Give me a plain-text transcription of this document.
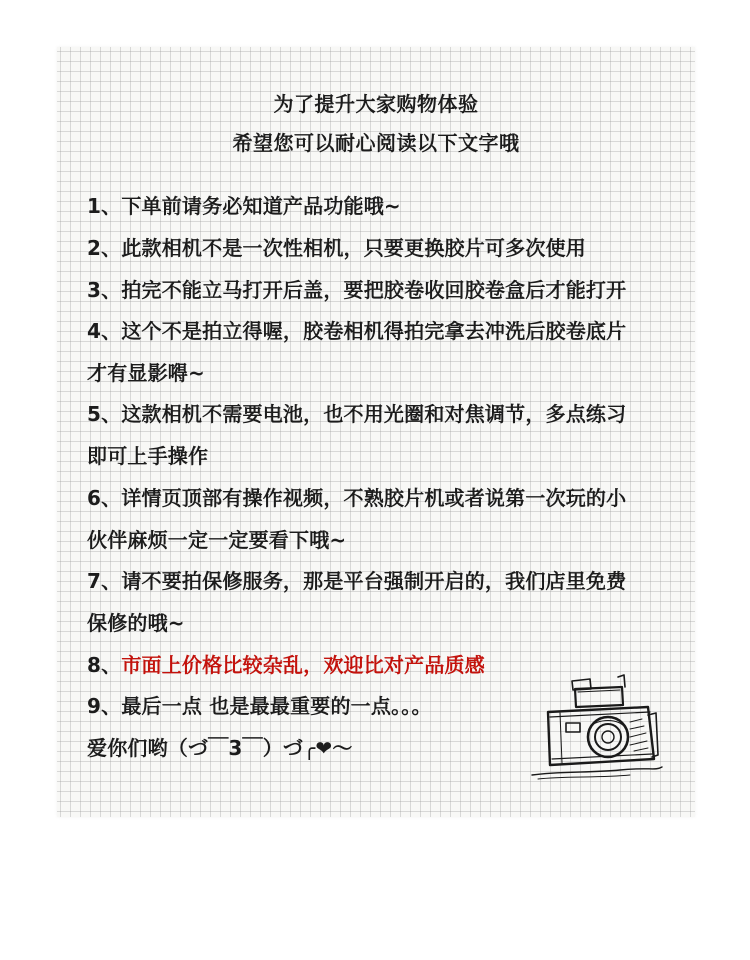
为了提升大家购物体验
希望您可以耐心阅读以下文字哦
1、下单前请务必知道产品功能哦~
2、此款相机不是一次性相机，只要更换胶片可多次使用
3、拍完不能立马打开后盖，要把胶卷收回胶卷盒后才能打开
4、这个不是拍立得喔，胶卷相机得拍完拿去冲洗后胶卷底片
才有显影嘚~
5、这款相机不需要电池，也不用光圈和对焦调节，多点练习
即可上手操作
6、详情页顶部有操作视频，不熟胶片机或者说第一次玩的小
伙伴麻烦一定一定要看下哦~
7、请不要拍保修服务，那是平台强制开启的，我们店里免费
保修的哦~
8、市面上价格比较杂乱，欢迎比对产品质感
9、最后一点 也是最最重要的一点。。。
爱你们哟（づ￣3￣）づ╭❤～
